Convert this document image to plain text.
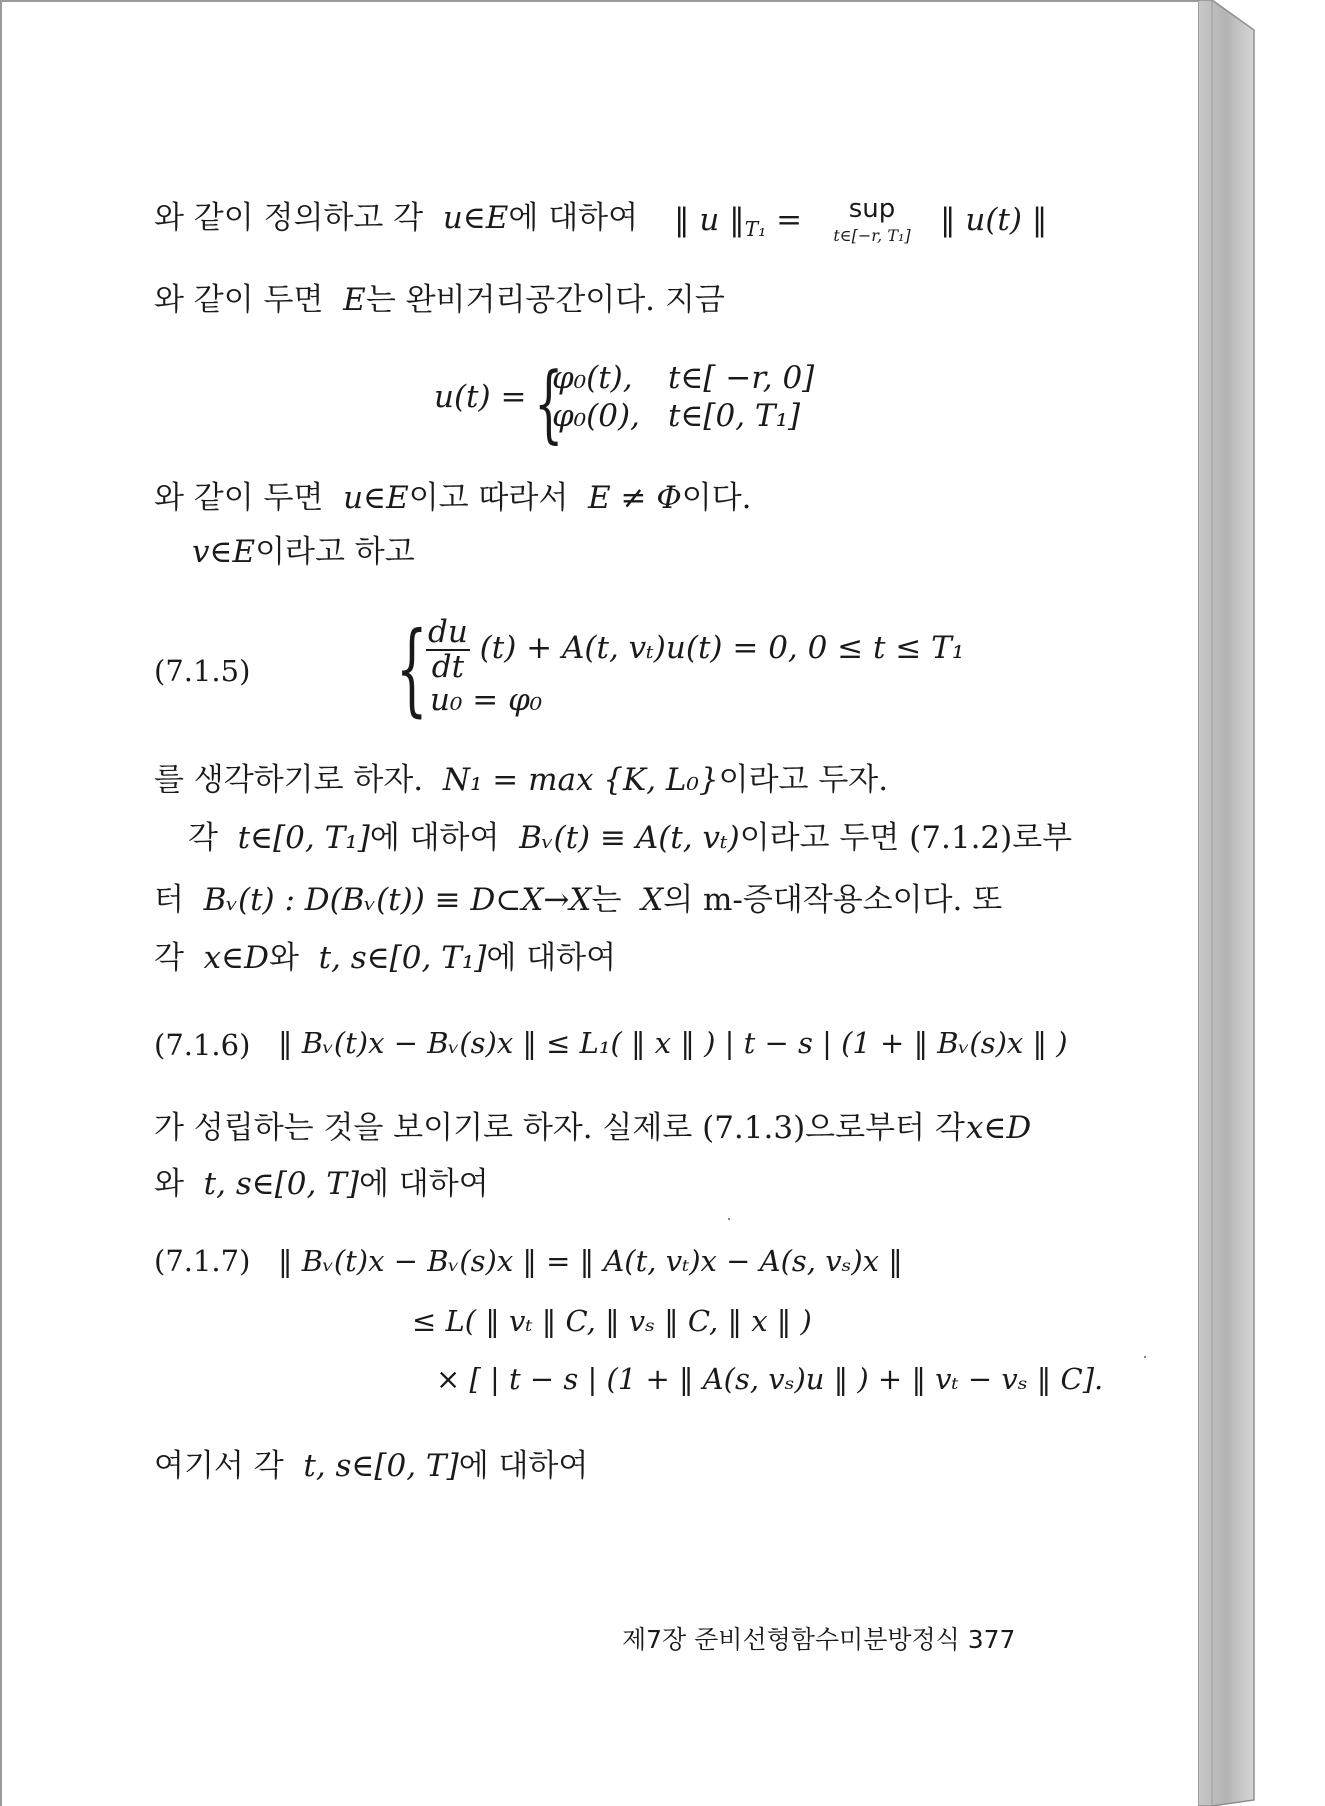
와 같이 정의하고 각 u∈E에 대하여 ‖ u $‖_{T_1}$ =	sup
t∈[−r, T₁] ‖ u(t) ‖
와 같이 두면 E는 완비거리공간이다. 지금
u(t) = {
φ₀(t), t∈[ −r, 0]
φ₀(0), t∈[0, T₁]
와 같이 두면 u∈E이고 따라서 E ≠ Φ이다.
v∈E이라고 하고
(7.1.5) {
$\frac{du}{dt} (t) + A(t$, vₜ)u(t) = 0, 0 ≤ t ≤ T₁
u₀ = φ₀
를 생각하기로 하자. N₁ = max {K, L₀}이라고 두자.
각 t∈[0, T₁]에 대하여 Bᵥ(t) ≡ A(t, vₜ)이라고 두면 (7.1.2)로부
터 Bᵥ(t) : D(Bᵥ(t)) ≡ D⊂X→X는 X의 m-증대작용소이다. 또
각 x∈D와 t, s∈[0, T₁]에 대하여
(7.1.6) ‖ Bᵥ(t)x − Bᵥ(s)x ‖ ≤ L₁( ‖ x ‖ ) | t − s | (1 + ‖ Bᵥ(s)x ‖ )
가 성립하는 것을 보이기로 하자. 실제로 (7.1.3)으로부터 각 x∈D
와 t, s∈[0, T]에 대하여
(7.1.7) ‖ Bᵥ(t)x − Bᵥ(s)x ‖ = ‖ A(t, vₜ)x − A(s, vₛ)x ‖
≤ L( ‖ vₜ ‖ C, ‖ vₛ ‖ C, ‖ x ‖ )
× [ | t − s | (1 + ‖ A(s, vₛ)u ‖ ) + ‖ vₜ − vₛ ‖ C].
여기서 각 t, s∈[0, T]에 대하여
제7장 준비선형함수미분방정식 377
